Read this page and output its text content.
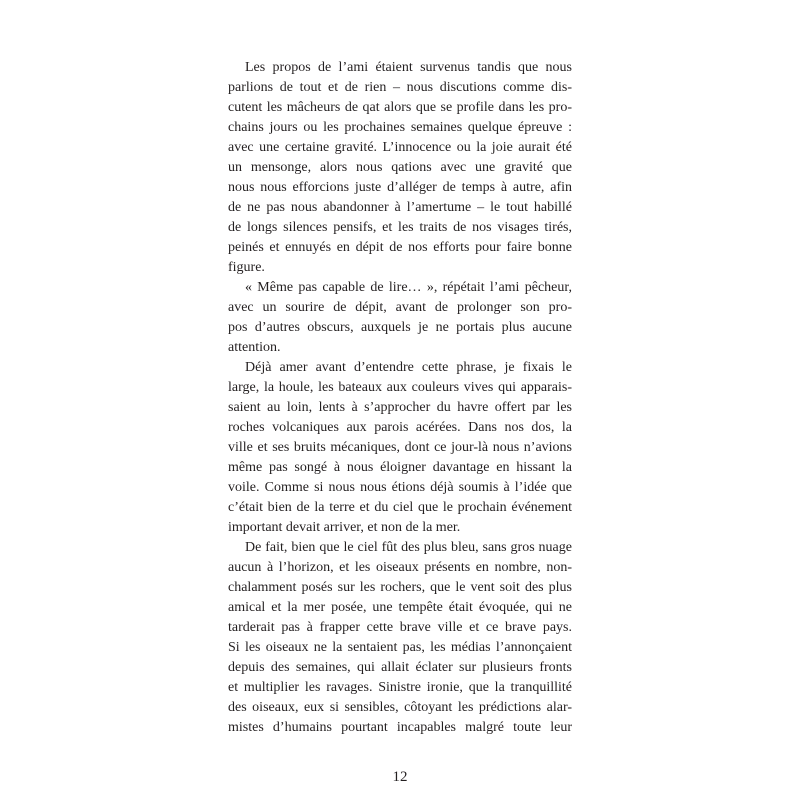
Les propos de l’ami étaient survenus tandis que nous
parlions de tout et de rien – nous discutions comme dis-
cutent les mâcheurs de qat alors que se profile dans les pro-
chains jours ou les prochaines semaines quelque épreuve :
avec une certaine gravité. L’innocence ou la joie aurait été
un mensonge, alors nous qations avec une gravité que
nous nous efforcions juste d’alléger de temps à autre, afin
de ne pas nous abandonner à l’amertume – le tout habillé
de longs silences pensifs, et les traits de nos visages tirés,
peinés et ennuyés en dépit de nos efforts pour faire bonne
figure.
« Même pas capable de lire… », répétait l’ami pêcheur,
avec un sourire de dépit, avant de prolonger son pro-
pos d’autres obscurs, auxquels je ne portais plus aucune
attention.
Déjà amer avant d’entendre cette phrase, je fixais le
large, la houle, les bateaux aux couleurs vives qui apparais-
saient au loin, lents à s’approcher du havre offert par les
roches volcaniques aux parois acérées. Dans nos dos, la
ville et ses bruits mécaniques, dont ce jour-là nous n’avions
même pas songé à nous éloigner davantage en hissant la
voile. Comme si nous nous étions déjà soumis à l’idée que
c’était bien de la terre et du ciel que le prochain événement
important devait arriver, et non de la mer.
De fait, bien que le ciel fût des plus bleu, sans gros nuage
aucun à l’horizon, et les oiseaux présents en nombre, non-
chalamment posés sur les rochers, que le vent soit des plus
amical et la mer posée, une tempête était évoquée, qui ne
tarderait pas à frapper cette brave ville et ce brave pays.
Si les oiseaux ne la sentaient pas, les médias l’annonçaient
depuis des semaines, qui allait éclater sur plusieurs fronts
et multiplier les ravages. Sinistre ironie, que la tranquillité
des oiseaux, eux si sensibles, côtoyant les prédictions alar-
mistes d’humains pourtant incapables malgré toute leur
12
